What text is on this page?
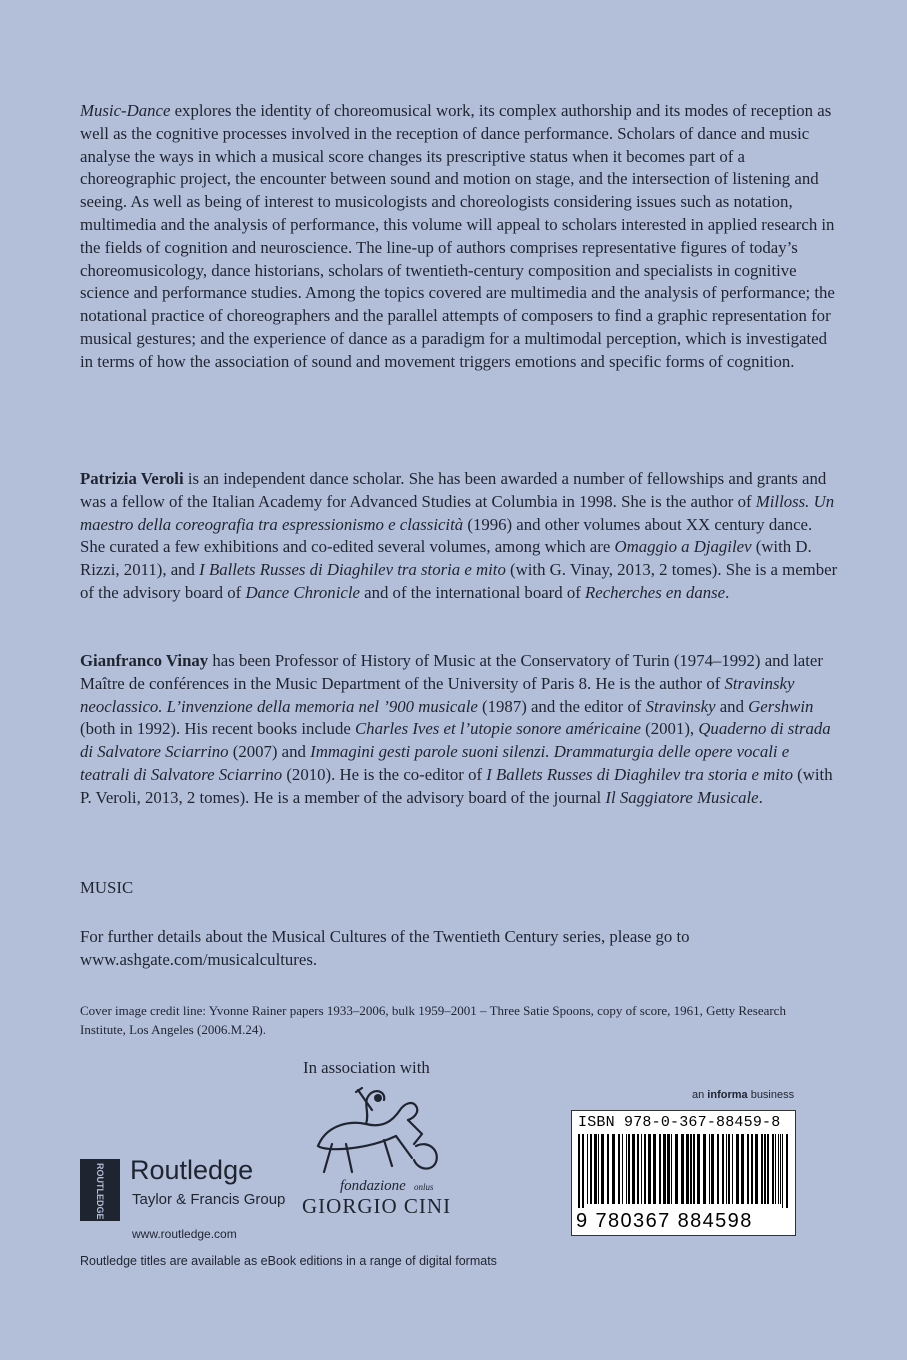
Music-Dance explores the identity of choreomusical work, its complex authorship and its modes of reception as well as the cognitive processes involved in the reception of dance performance. Scholars of dance and music analyse the ways in which a musical score changes its prescriptive status when it becomes part of a choreographic project, the encounter between sound and motion on stage, and the intersection of listening and seeing. As well as being of interest to musicologists and choreologists considering issues such as notation, multimedia and the analysis of performance, this volume will appeal to scholars interested in applied research in the fields of cognition and neuroscience. The line-up of authors comprises representative figures of today’s choreomusicology, dance historians, scholars of twentieth-century composition and specialists in cognitive science and performance studies. Among the topics covered are multimedia and the analysis of performance; the notational practice of choreographers and the parallel attempts of composers to find a graphic representation for musical gestures; and the experience of dance as a paradigm for a multimodal perception, which is investigated in terms of how the association of sound and movement triggers emotions and specific forms of cognition.

Patrizia Veroli is an independent dance scholar. She has been awarded a number of fellowships and grants and was a fellow of the Italian Academy for Advanced Studies at Columbia in 1998. She is the author of Milloss. Un maestro della coreografia tra espressionismo e classicità (1996) and other volumes about XX century dance. She curated a few exhibitions and co-edited several volumes, among which are Omaggio a Djagilev (with D. Rizzi, 2011), and I Ballets Russes di Diaghilev tra storia e mito (with G. Vinay, 2013, 2 tomes). She is a member of the advisory board of Dance Chronicle and of the international board of Recherches en danse.

Gianfranco Vinay has been Professor of History of Music at the Conservatory of Turin (1974–1992) and later Maître de conférences in the Music Department of the University of Paris 8. He is the author of Stravinsky neoclassico. L’invenzione della memoria nel ’900 musicale (1987) and the editor of Stravinsky and Gershwin (both in 1992). His recent books include Charles Ives et l’utopie sonore américaine (2001), Quaderno di strada di Salvatore Sciarrino (2007) and Immagini gesti parole suoni silenzi. Drammaturgia delle opere vocali e teatrali di Salvatore Sciarrino (2010). He is the co-editor of I Ballets Russes di Diaghilev tra storia e mito (with P. Veroli, 2013, 2 tomes). He is a member of the advisory board of the journal Il Saggiatore Musicale.

MUSIC

For further details about the Musical Cultures of the Twentieth Century series, please go to www.ashgate.com/musicalcultures.

Cover image credit line: Yvonne Rainer papers 1933–2006, bulk 1959–2001 – Three Satie Spoons, copy of score, 1961, Getty Research Institute, Los Angeles (2006.M.24).

In association with

ROUTLEDGE Routledge
Taylor & Francis Group
www.routledge.com
fondazione onlus
GIORGIO CINI
an informa business
ISBN 978-0-367-88459-8
9 780367 884598

Routledge titles are available as eBook editions in a range of digital formats
